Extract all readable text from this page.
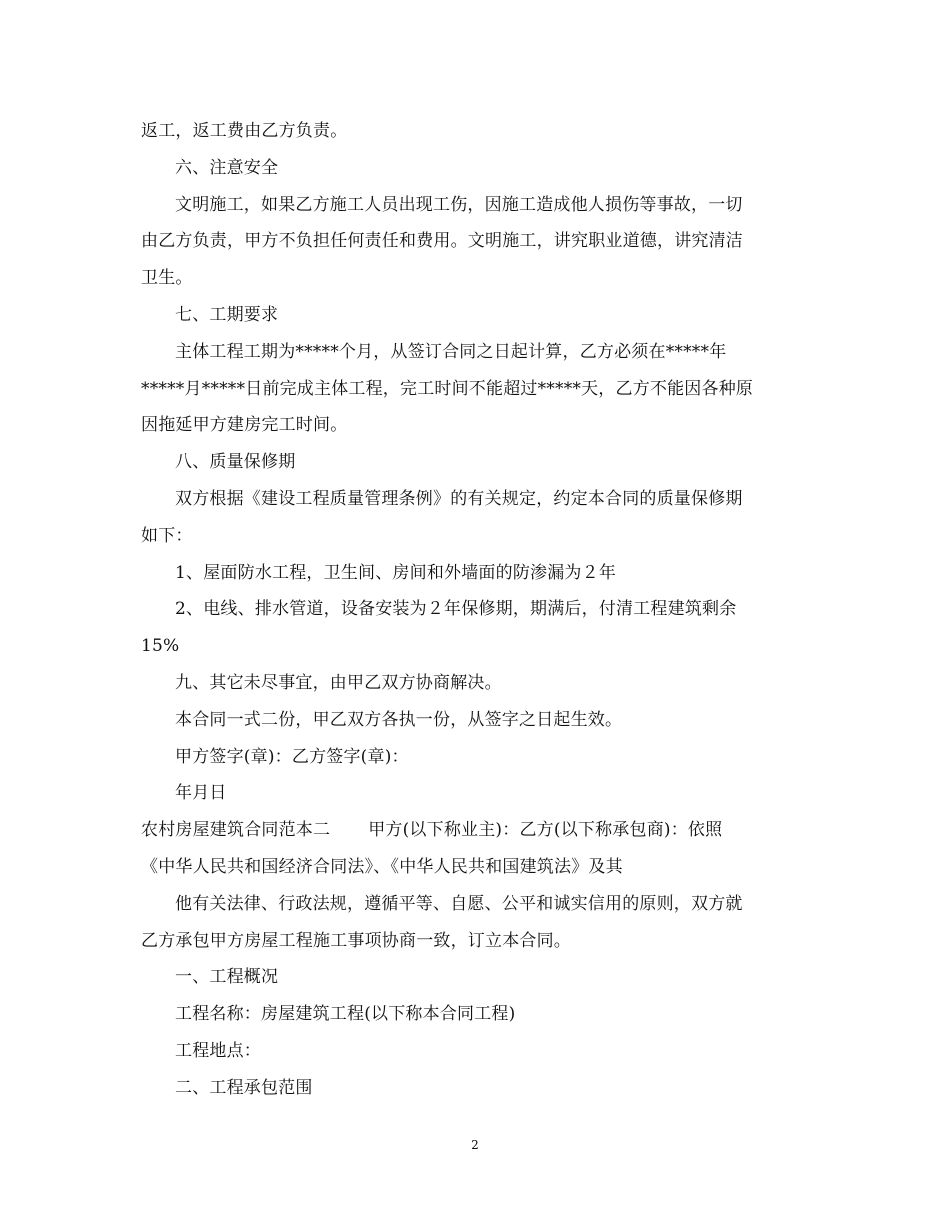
返工，返工费由乙方负责。
六、注意安全
文明施工，如果乙方施工人员出现工伤，因施工造成他人损伤等事故，一切
由乙方负责，甲方不负担任何责任和费用。文明施工，讲究职业道德，讲究清洁
卫生。
七、工期要求
主体工程工期为*****个月，从签订合同之日起计算，乙方必须在*****年
*****月*****日前完成主体工程，完工时间不能超过*****天，乙方不能因各种原
因拖延甲方建房完工时间。
八、质量保修期
双方根据《建设工程质量管理条例》的有关规定，约定本合同的质量保修期
如下：
1、屋面防水工程，卫生间、房间和外墙面的防渗漏为２年
2、电线、排水管道，设备安装为２年保修期，期满后，付清工程建筑剩余
15%
九、其它未尽事宜，由甲乙双方协商解决。
本合同一式二份，甲乙双方各执一份，从签字之日起生效。
甲方签字(章)：乙方签字(章)：
年月日
农村房屋建筑合同范本二 甲方(以下称业主)：乙方(以下称承包商)：依照
《中华人民共和国经济合同法》、《中华人民共和国建筑法》及其
他有关法律、行政法规，遵循平等、自愿、公平和诚实信用的原则，双方就
乙方承包甲方房屋工程施工事项协商一致，订立本合同。
一、工程概况
工程名称：房屋建筑工程(以下称本合同工程)
工程地点：
二、工程承包范围
2
